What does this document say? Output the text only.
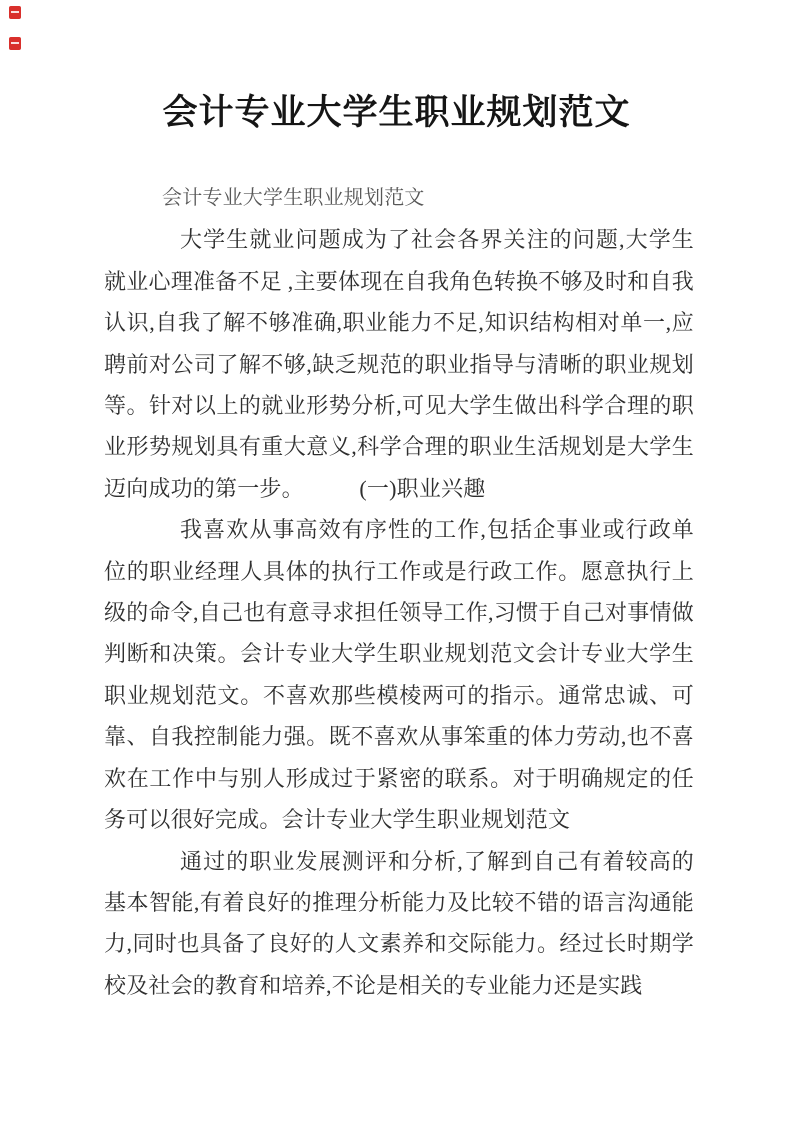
会计专业大学生职业规划范文

会计专业大学生职业规划范文

大学生就业问题成为了社会各界关注的问题,大学生就业心理准备不足 ,主要体现在自我角色转换不够及时和自我认识,自我了解不够准确,职业能力不足,知识结构相对单一,应聘前对公司了解不够,缺乏规范的职业指导与清晰的职业规划等。针对以上的就业形势分析,可见大学生做出科学合理的职业形势规划具有重大意义,科学合理的职业生活规划是大学生迈向成功的第一步。　　　(一)职业兴趣

我喜欢从事高效有序性的工作,包括企事业或行政单位的职业经理人具体的执行工作或是行政工作。愿意执行上级的命令,自己也有意寻求担任领导工作,习惯于自己对事情做判断和决策。会计专业大学生职业规划范文会计专业大学生职业规划范文。不喜欢那些模棱两可的指示。通常忠诚、可靠、自我控制能力强。既不喜欢从事笨重的体力劳动,也不喜欢在工作中与别人形成过于紧密的联系。对于明确规定的任务可以很好完成。会计专业大学生职业规划范文

通过的职业发展测评和分析,了解到自己有着较高的基本智能,有着良好的推理分析能力及比较不错的语言沟通能力,同时也具备了良好的人文素养和交际能力。经过长时期学校及社会的教育和培养,不论是相关的专业能力还是实践
